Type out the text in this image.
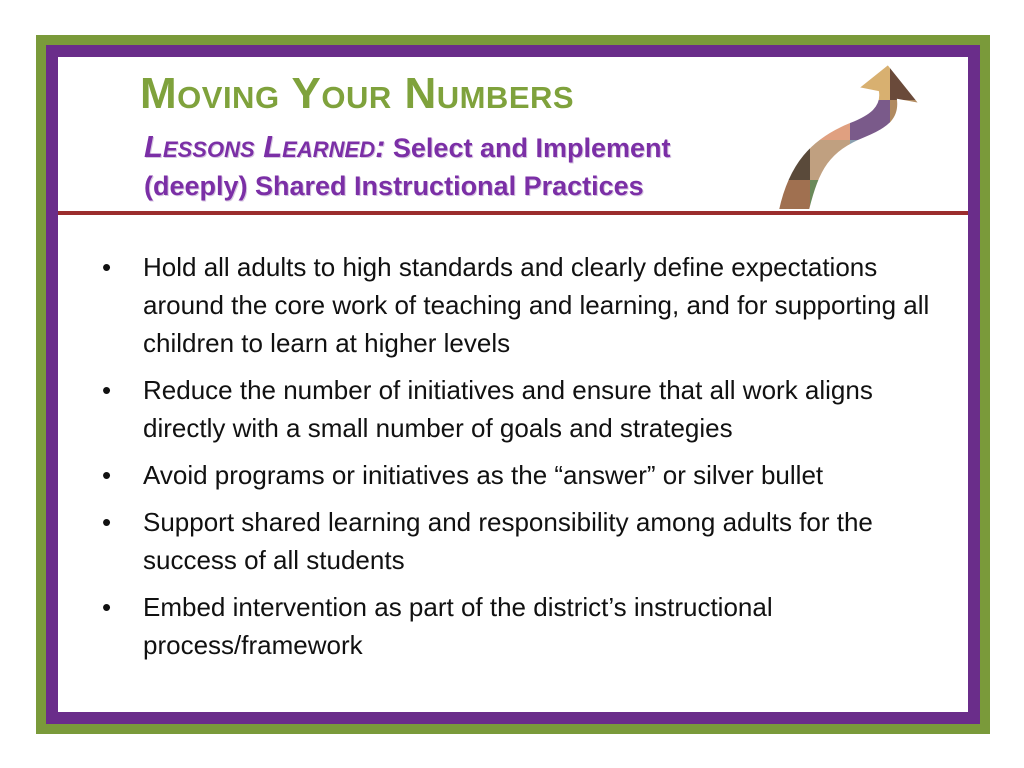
Moving Your Numbers
Lessons Learned: Select and Implement (deeply) Shared Instructional Practices
• Hold all adults to high standards and clearly define expectations around the core work of teaching and learning, and for supporting all children to learn at higher levels
• Reduce the number of initiatives and ensure that all work aligns directly with a small number of goals and strategies
• Avoid programs or initiatives as the “answer” or silver bullet
• Support shared learning and responsibility among adults for the success of all students
• Embed intervention as part of the district’s instructional process/framework
